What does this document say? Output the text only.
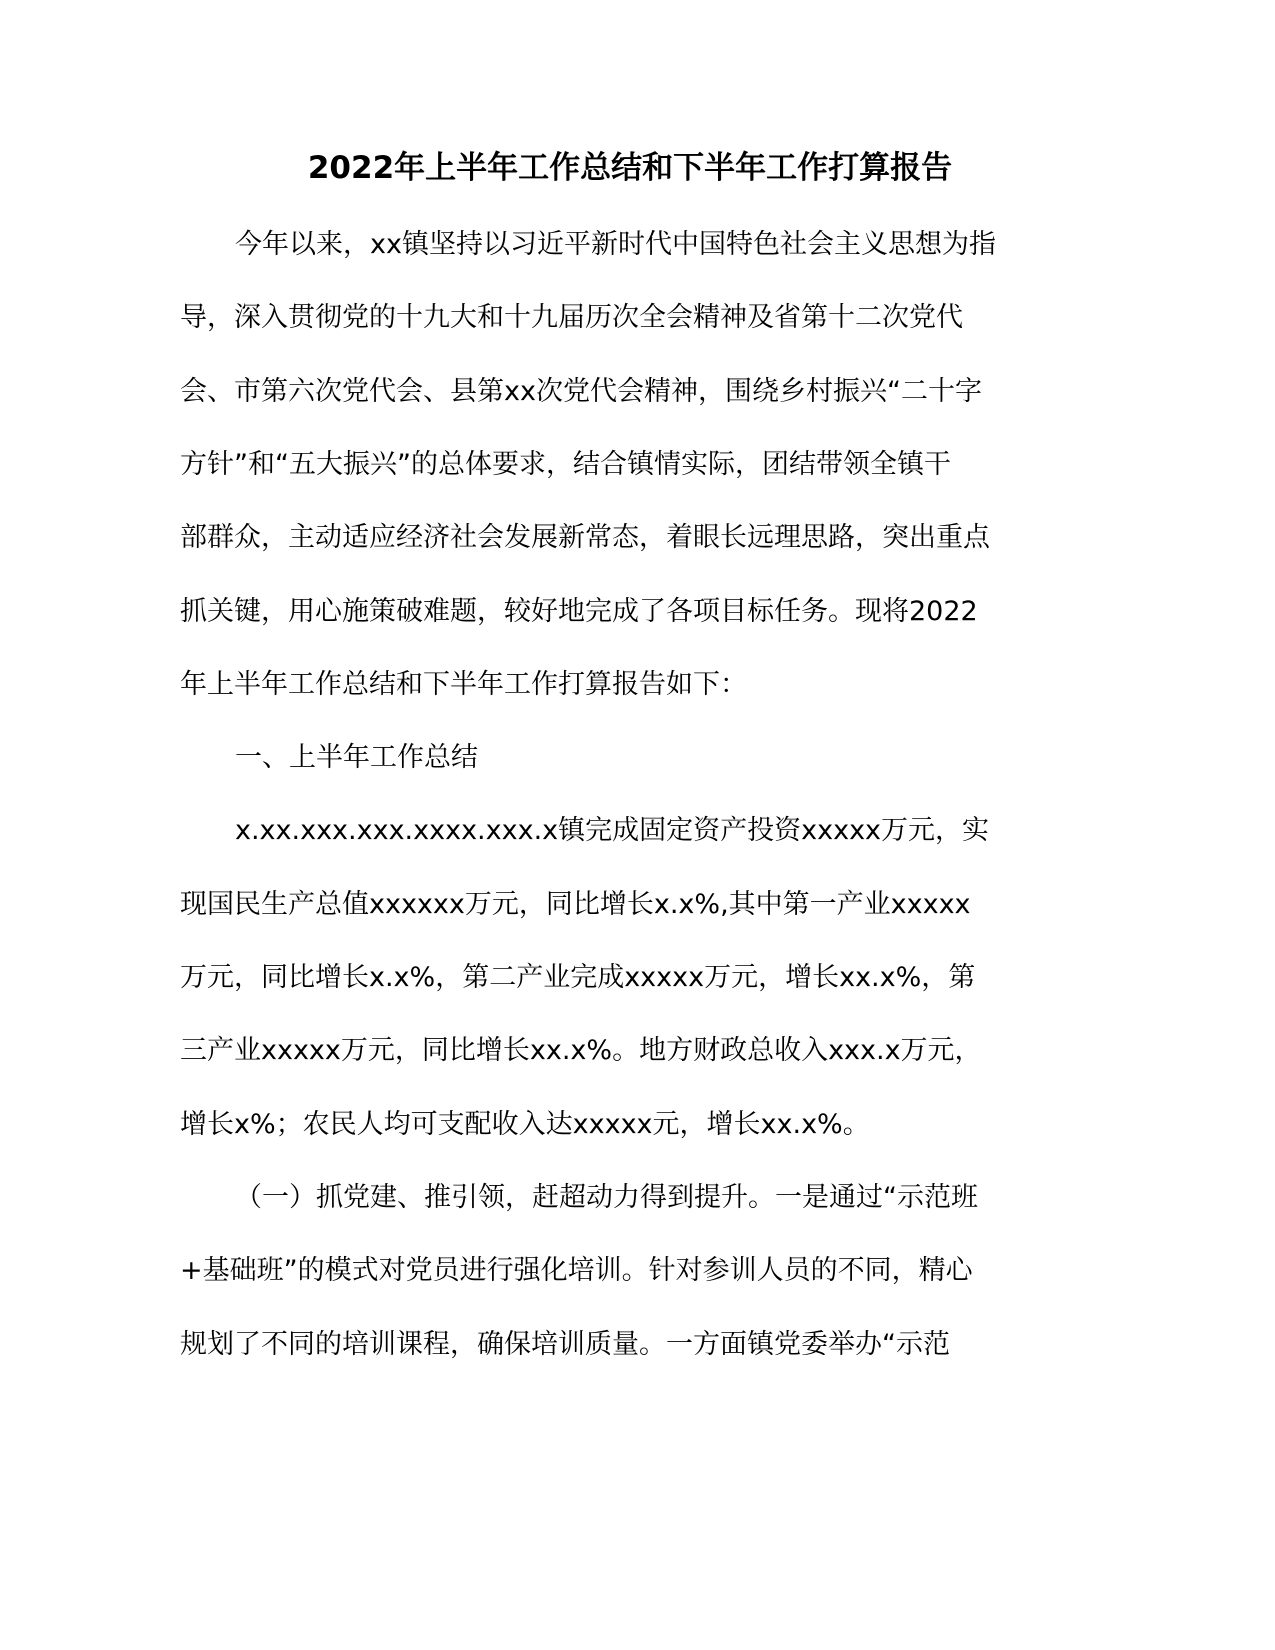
2022年上半年工作总结和下半年工作打算报告
今年以来，xx镇坚持以习近平新时代中国特色社会主义思想为指
导，深入贯彻党的十九大和十九届历次全会精神及省第十二次党代
会、市第六次党代会、县第xx次党代会精神，围绕乡村振兴“二十字
方针”和“五大振兴”的总体要求，结合镇情实际，团结带领全镇干
部群众，主动适应经济社会发展新常态，着眼长远理思路，突出重点
抓关键，用心施策破难题，较好地完成了各项目标任务。现将2022
年上半年工作总结和下半年工作打算报告如下：
一、上半年工作总结
x.xx.xxx.xxx.xxxx.xxx.x镇完成固定资产投资xxxxx万元，实
现国民生产总值xxxxxx万元，同比增长x.x%,其中第一产业xxxxx
万元，同比增长x.x%，第二产业完成xxxxx万元，增长xx.x%，第
三产业xxxxx万元，同比增长xx.x%。地方财政总收入xxx.x万元，
增长x%；农民人均可支配收入达xxxxx元，增长xx.x%。
（一）抓党建、推引领，赶超动力得到提升。一是通过“示范班
+基础班”的模式对党员进行强化培训。针对参训人员的不同，精心
规划了不同的培训课程，确保培训质量。一方面镇党委举办“示范
